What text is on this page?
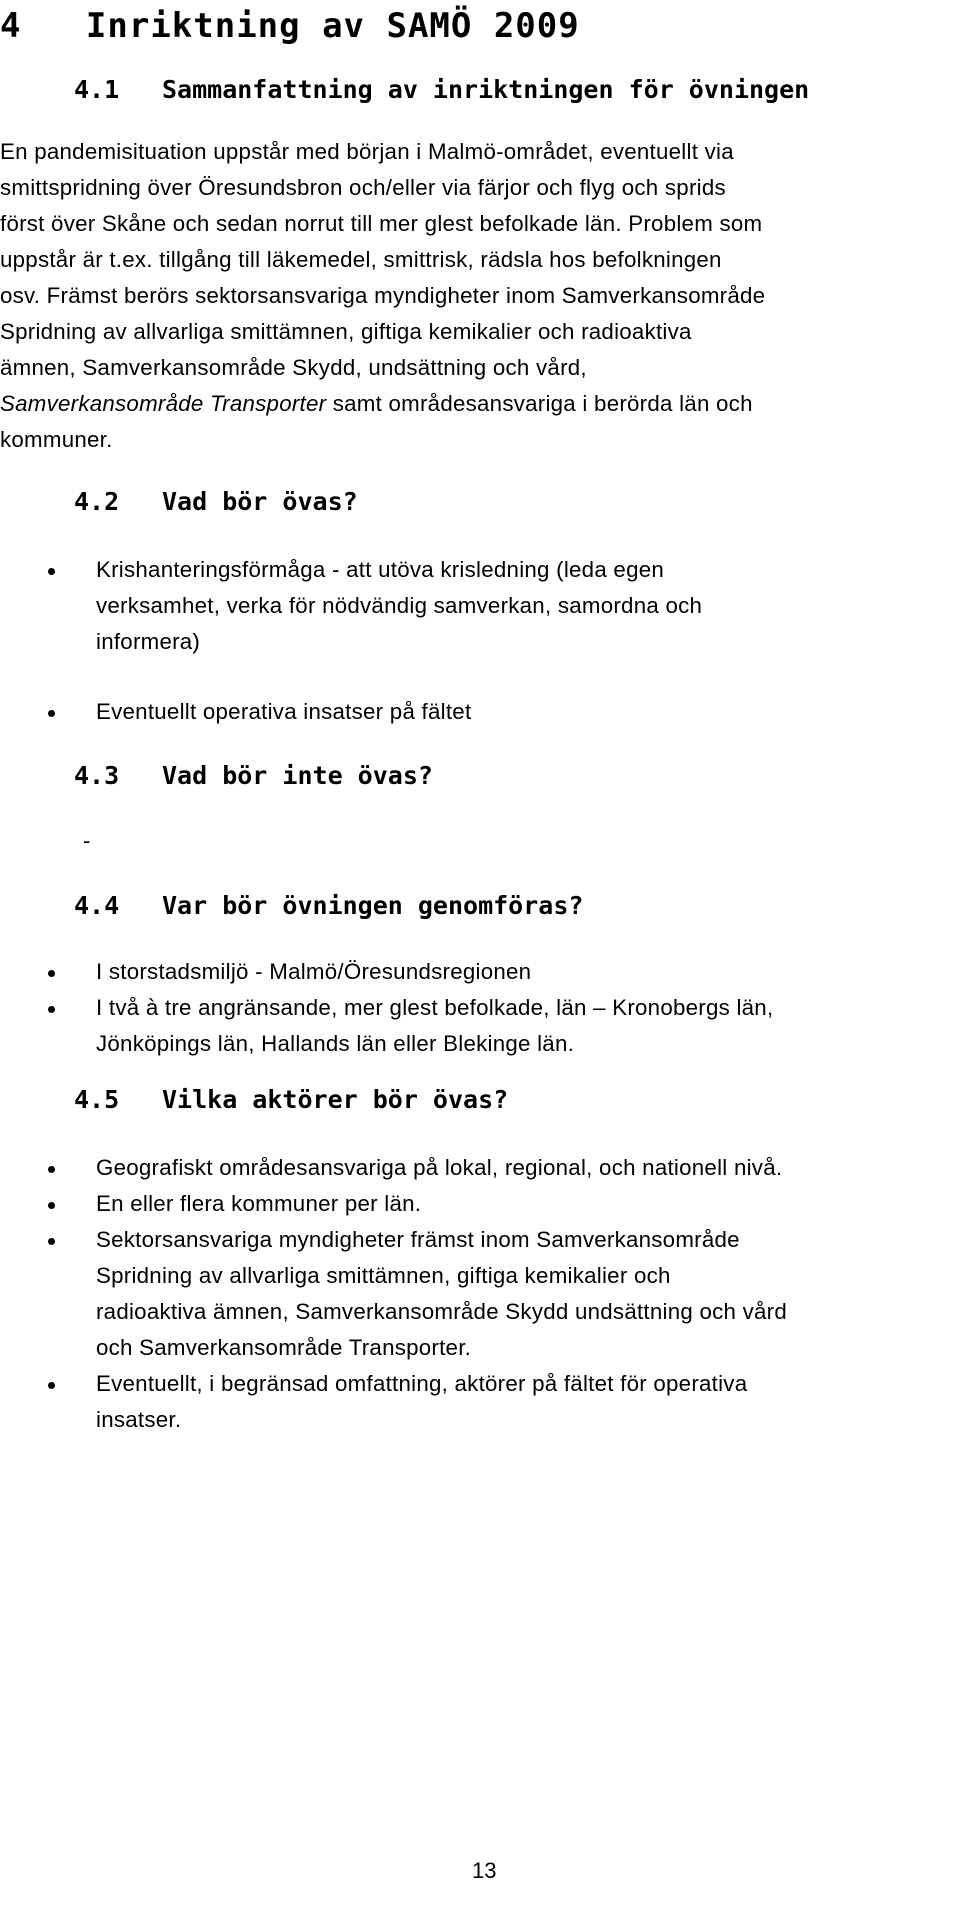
4 Inriktning av SAMÖ 2009
4.1 Sammanfattning av inriktningen för övningen

En pandemisituation uppstår med början i Malmö-området, eventuellt via
smittspridning över Öresundsbron och/eller via färjor och flyg och sprids
först över Skåne och sedan norrut till mer glest befolkade län. Problem som
uppstår är t.ex. tillgång till läkemedel, smittrisk, rädsla hos befolkningen
osv. Främst berörs sektorsansvariga myndigheter inom Samverkansområde
Spridning av allvarliga smittämnen, giftiga kemikalier och radioaktiva
ämnen, Samverkansområde Skydd, undsättning och vård,
Samverkansområde Transporter samt områdesansvariga i berörda län och
kommuner.

4.2 Vad bör övas?
Krishanteringsförmåga - att utöva krisledning (leda egen
verksamhet, verka för nödvändig samverkan, samordna och
informera)
Eventuellt operativa insatser på fältet
4.3 Vad bör inte övas?
-
4.4 Var bör övningen genomföras?
I storstadsmiljö - Malmö/Öresundsregionen
I två à tre angränsande, mer glest befolkade, län – Kronobergs län,
Jönköpings län, Hallands län eller Blekinge län.
4.5 Vilka aktörer bör övas?
Geografiskt områdesansvariga på lokal, regional, och nationell nivå.
En eller flera kommuner per län.
Sektorsansvariga myndigheter främst inom Samverkansområde
Spridning av allvarliga smittämnen, giftiga kemikalier och
radioaktiva ämnen, Samverkansområde Skydd undsättning och vård
och Samverkansområde Transporter.
Eventuellt, i begränsad omfattning, aktörer på fältet för operativa
insatser.
13
